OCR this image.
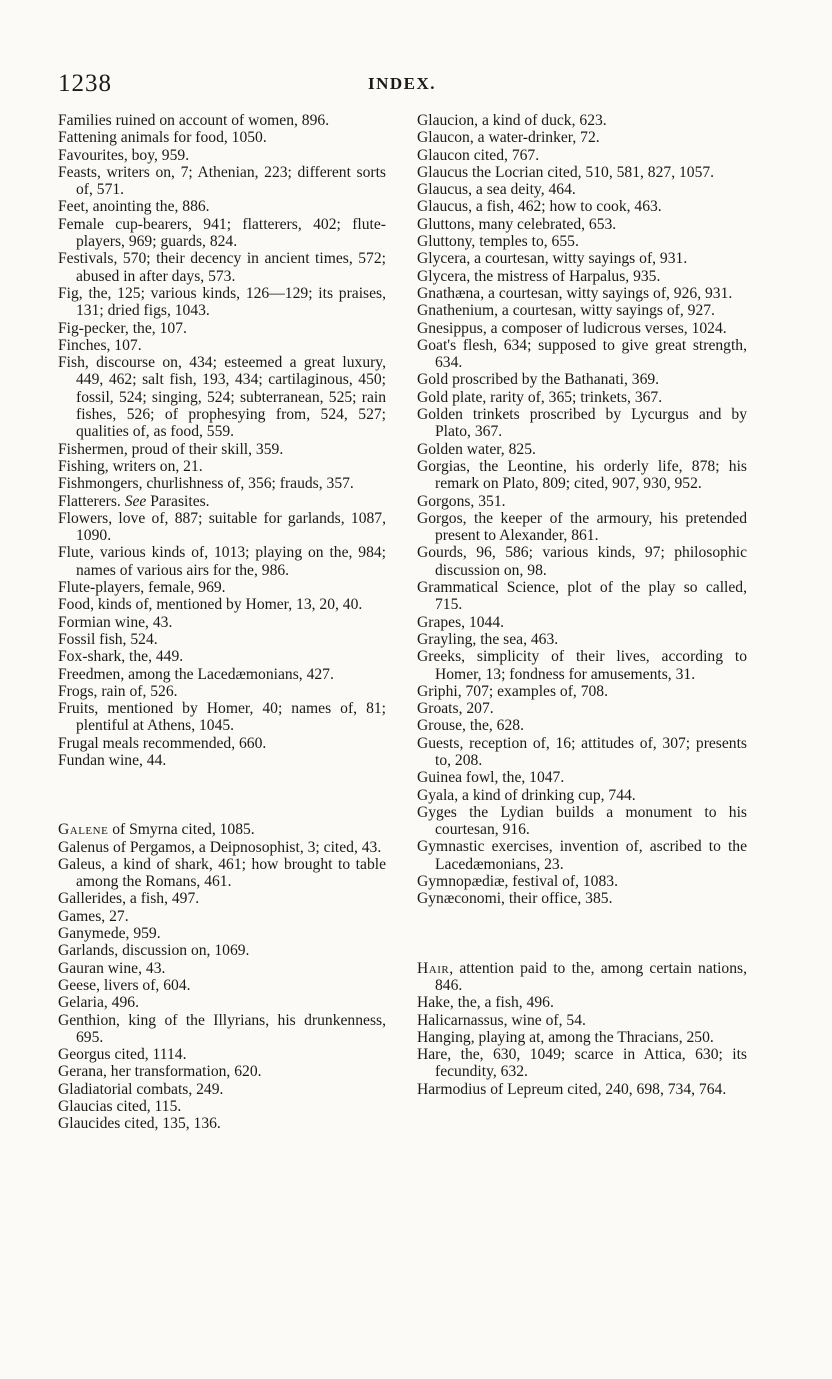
1238	INDEX.
Families ruined on account of women, 896.
Fattening animals for food, 1050.
Favourites, boy, 959.
Feasts, writers on, 7; Athenian, 223; different sorts of, 571.
Feet, anointing the, 886.
Female cup-bearers, 941; flatterers, 402; flute-players, 969; guards, 824.
Festivals, 570; their decency in ancient times, 572; abused in after days, 573.
Fig, the, 125; various kinds, 126—129; its praises, 131; dried figs, 1043.
Fig-pecker, the, 107.
Finches, 107.
Fish, discourse on, 434; esteemed a great luxury, 449, 462; salt fish, 193, 434; cartilaginous, 450; fossil, 524; singing, 524; subterranean, 525; rain fishes, 526; of prophesying from, 524, 527; qualities of, as food, 559.
Fishermen, proud of their skill, 359.
Fishing, writers on, 21.
Fishmongers, churlishness of, 356; frauds, 357.
Flatterers. See Parasites.
Flowers, love of, 887; suitable for garlands, 1087, 1090.
Flute, various kinds of, 1013; playing on the, 984; names of various airs for the, 986.
Flute-players, female, 969.
Food, kinds of, mentioned by Homer, 13, 20, 40.
Formian wine, 43.
Fossil fish, 524.
Fox-shark, the, 449.
Freedmen, among the Lacedæmonians, 427.
Frogs, rain of, 526.
Fruits, mentioned by Homer, 40; names of, 81; plentiful at Athens, 1045.
Frugal meals recommended, 660.
Fundan wine, 44.
Galene of Smyrna cited, 1085.
Galenus of Pergamos, a Deipnosophist, 3; cited, 43.
Galeus, a kind of shark, 461; how brought to table among the Romans, 461.
Gallerides, a fish, 497.
Games, 27.
Ganymede, 959.
Garlands, discussion on, 1069.
Gauran wine, 43.
Geese, livers of, 604.
Gelaria, 496.
Genthion, king of the Illyrians, his drunkenness, 695.
Georgus cited, 1114.
Gerana, her transformation, 620.
Gladiatorial combats, 249.
Glaucias cited, 115.
Glaucides cited, 135, 136.
Glaucion, a kind of duck, 623.
Glaucon, a water-drinker, 72.
Glaucon cited, 767.
Glaucus the Locrian cited, 510, 581, 827, 1057.
Glaucus, a sea deity, 464.
Glaucus, a fish, 462; how to cook, 463.
Gluttons, many celebrated, 653.
Gluttony, temples to, 655.
Glycera, a courtesan, witty sayings of, 931.
Glycera, the mistress of Harpalus, 935.
Gnathæna, a courtesan, witty sayings of, 926, 931.
Gnathenium, a courtesan, witty sayings of, 927.
Gnesippus, a composer of ludicrous verses, 1024.
Goat's flesh, 634; supposed to give great strength, 634.
Gold proscribed by the Bathanati, 369.
Gold plate, rarity of, 365; trinkets, 367.
Golden trinkets proscribed by Lycurgus and by Plato, 367.
Golden water, 825.
Gorgias, the Leontine, his orderly life, 878; his remark on Plato, 809; cited, 907, 930, 952.
Gorgons, 351.
Gorgos, the keeper of the armoury, his pretended present to Alexander, 861.
Gourds, 96, 586; various kinds, 97; philosophic discussion on, 98.
Grammatical Science, plot of the play so called, 715.
Grapes, 1044.
Grayling, the sea, 463.
Greeks, simplicity of their lives, according to Homer, 13; fondness for amusements, 31.
Griphi, 707; examples of, 708.
Groats, 207.
Grouse, the, 628.
Guests, reception of, 16; attitudes of, 307; presents to, 208.
Guinea fowl, the, 1047.
Gyala, a kind of drinking cup, 744.
Gyges the Lydian builds a monument to his courtesan, 916.
Gymnastic exercises, invention of, ascribed to the Lacedæmonians, 23.
Gymnopædiæ, festival of, 1083.
Gynæconomi, their office, 385.
Hair, attention paid to the, among certain nations, 846.
Hake, the, a fish, 496.
Halicarnassus, wine of, 54.
Hanging, playing at, among the Thracians, 250.
Hare, the, 630, 1049; scarce in Attica, 630; its fecundity, 632.
Harmodius of Lepreum cited, 240, 698, 734, 764.
